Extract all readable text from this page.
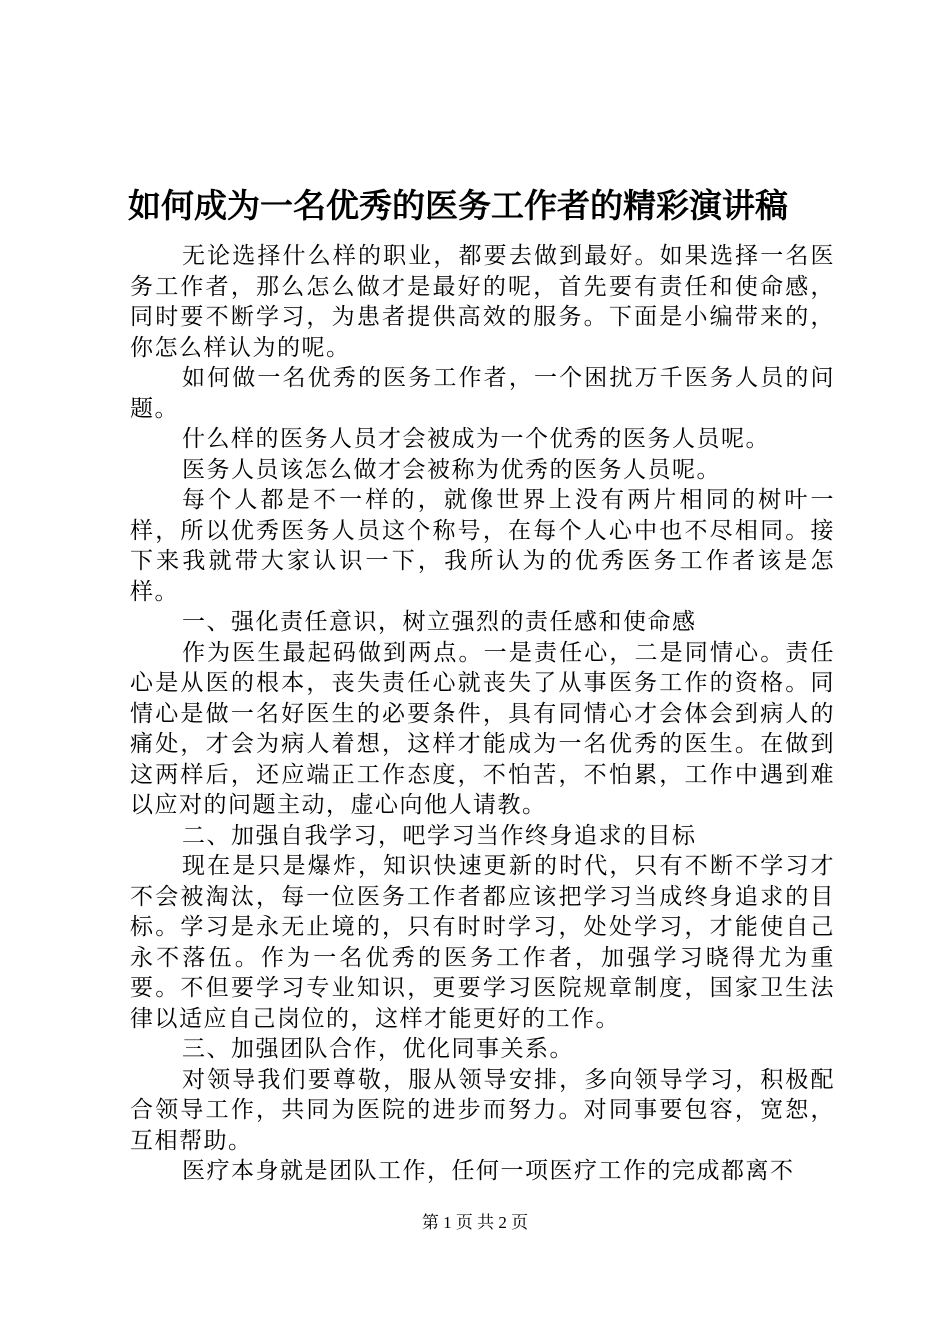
如何成为一名优秀的医务工作者的精彩演讲稿

无论选择什么样的职业，都要去做到最好。如果选择一名医务工作者，那么怎么做才是最好的呢，首先要有责任和使命感，同时要不断学习，为患者提供高效的服务。下面是小编带来的，你怎么样认为的呢。

如何做一名优秀的医务工作者，一个困扰万千医务人员的问题。

什么样的医务人员才会被成为一个优秀的医务人员呢。

医务人员该怎么做才会被称为优秀的医务人员呢。

每个人都是不一样的，就像世界上没有两片相同的树叶一样，所以优秀医务人员这个称号，在每个人心中也不尽相同。接下来我就带大家认识一下，我所认为的优秀医务工作者该是怎样。

一、强化责任意识，树立强烈的责任感和使命感

作为医生最起码做到两点。一是责任心，二是同情心。责任心是从医的根本，丧失责任心就丧失了从事医务工作的资格。同情心是做一名好医生的必要条件，具有同情心才会体会到病人的痛处，才会为病人着想，这样才能成为一名优秀的医生。在做到这两样后，还应端正工作态度，不怕苦，不怕累，工作中遇到难以应对的问题主动，虚心向他人请教。

二、加强自我学习，吧学习当作终身追求的目标

现在是只是爆炸，知识快速更新的时代，只有不断不学习才不会被淘汰，每一位医务工作者都应该把学习当成终身追求的目标。学习是永无止境的，只有时时学习，处处学习，才能使自己永不落伍。作为一名优秀的医务工作者，加强学习晓得尤为重要。不但要学习专业知识，更要学习医院规章制度，国家卫生法律以适应自己岗位的，这样才能更好的工作。

三、加强团队合作，优化同事关系。

对领导我们要尊敬，服从领导安排，多向领导学习，积极配合领导工作，共同为医院的进步而努力。对同事要包容，宽恕，互相帮助。

医疗本身就是团队工作，任何一项医疗工作的完成都离不

第 1 页 共 2 页
